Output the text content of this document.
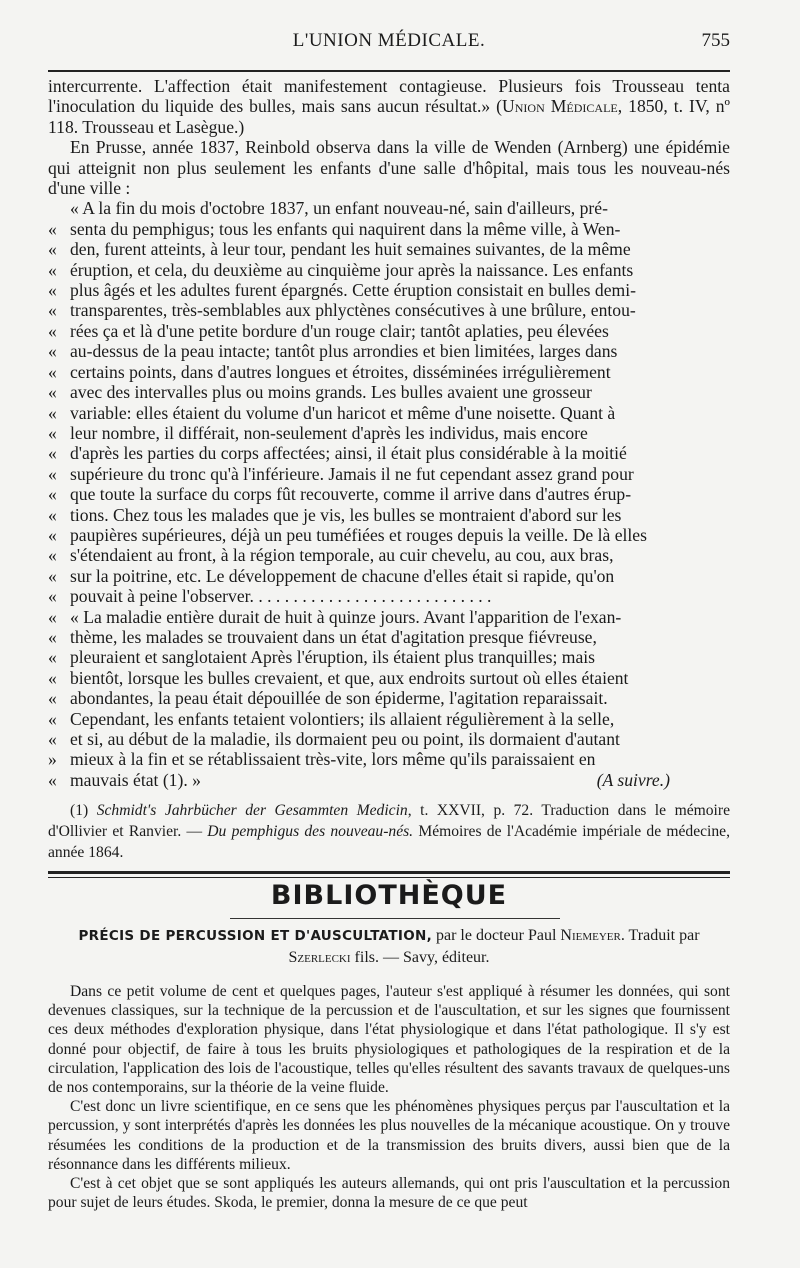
L'UNION MÉDICALE.	755

intercurrente. L'affection était manifestement contagieuse. Plusieurs fois Trousseau tenta l'inoculation du liquide des bulles, mais sans aucun résultat.» (Union Médicale, 1850, t. IV, nº 118. Trousseau et Lasègue.)

En Prusse, année 1837, Reinbold observa dans la ville de Wenden (Arnberg) une épidémie qui atteignit non plus seulement les enfants d'une salle d'hôpital, mais tous les nouveau-nés d'une ville :

« A la fin du mois d'octobre 1837, un enfant nouveau-né, sain d'ailleurs, pré-

« senta du pemphigus; tous les enfants qui naquirent dans la même ville, à Wen-

« den, furent atteints, à leur tour, pendant les huit semaines suivantes, de la même

« éruption, et cela, du deuxième au cinquième jour après la naissance. Les enfants

« plus âgés et les adultes furent épargnés. Cette éruption consistait en bulles demi-

« transparentes, très-semblables aux phlyctènes consécutives à une brûlure, entou-

« rées ça et là d'une petite bordure d'un rouge clair; tantôt aplaties, peu élevées

« au-dessus de la peau intacte; tantôt plus arrondies et bien limitées, larges dans

« certains points, dans d'autres longues et étroites, disséminées irrégulièrement

« avec des intervalles plus ou moins grands. Les bulles avaient une grosseur

« variable: elles étaient du volume d'un haricot et même d'une noisette. Quant à

« leur nombre, il différait, non-seulement d'après les individus, mais encore

« d'après les parties du corps affectées; ainsi, il était plus considérable à la moitié

« supérieure du tronc qu'à l'inférieure. Jamais il ne fut cependant assez grand pour

« que toute la surface du corps fût recouverte, comme il arrive dans d'autres érup-

« tions. Chez tous les malades que je vis, les bulles se montraient d'abord sur les

« paupières supérieures, déjà un peu tuméfiées et rouges depuis la veille. De là elles

« s'étendaient au front, à la région temporale, au cuir chevelu, au cou, aux bras,

« sur la poitrine, etc. Le développement de chacune d'elles était si rapide, qu'on

« pouvait à peine l'observer. . . . . . . . . . . . . . . . . . . . . . . . . . . .

« « La maladie entière durait de huit à quinze jours. Avant l'apparition de l'exan-

« thème, les malades se trouvaient dans un état d'agitation presque fiévreuse,

« pleuraient et sanglotaient Après l'éruption, ils étaient plus tranquilles; mais

« bientôt, lorsque les bulles crevaient, et que, aux endroits surtout où elles étaient

« abondantes, la peau était dépouillée de son épiderme, l'agitation reparaissait.

« Cependant, les enfants tetaient volontiers; ils allaient régulièrement à la selle,

« et si, au début de la maladie, ils dormaient peu ou point, ils dormaient d'autant

» mieux à la fin et se rétablissaient très-vite, lors même qu'ils paraissaient en

« mauvais état (1). »	(A suivre.)

(1) Schmidt's Jahrbücher der Gesammten Medicin, t. XXVII, p. 72. Traduction dans le mémoire d'Ollivier et Ranvier. — Du pemphigus des nouveau-nés. Mémoires de l'Académie impériale de médecine, année 1864.

BIBLIOTHÈQUE
PRÉCIS DE PERCUSSION ET D'AUSCULTATION, par le docteur Paul Niemeyer. Traduit par
Szerlecki fils. — Savy, éditeur.

Dans ce petit volume de cent et quelques pages, l'auteur s'est appliqué à résumer les données, qui sont devenues classiques, sur la technique de la percussion et de l'auscultation, et sur les signes que fournissent ces deux méthodes d'exploration physique, dans l'état physiologique et dans l'état pathologique. Il s'y est donné pour objectif, de faire à tous les bruits physiologiques et pathologiques de la respiration et de la circulation, l'application des lois de l'acoustique, telles qu'elles résultent des savants travaux de quelques-uns de nos contemporains, sur la théorie de la veine fluide.

C'est donc un livre scientifique, en ce sens que les phénomènes physiques perçus par l'auscultation et la percussion, y sont interprétés d'après les données les plus nouvelles de la mécanique acoustique. On y trouve résumées les conditions de la production et de la transmission des bruits divers, aussi bien que de la résonnance dans les différents milieux.

C'est à cet objet que se sont appliqués les auteurs allemands, qui ont pris l'auscultation et la percussion pour sujet de leurs études. Skoda, le premier, donna la mesure de ce que peut
